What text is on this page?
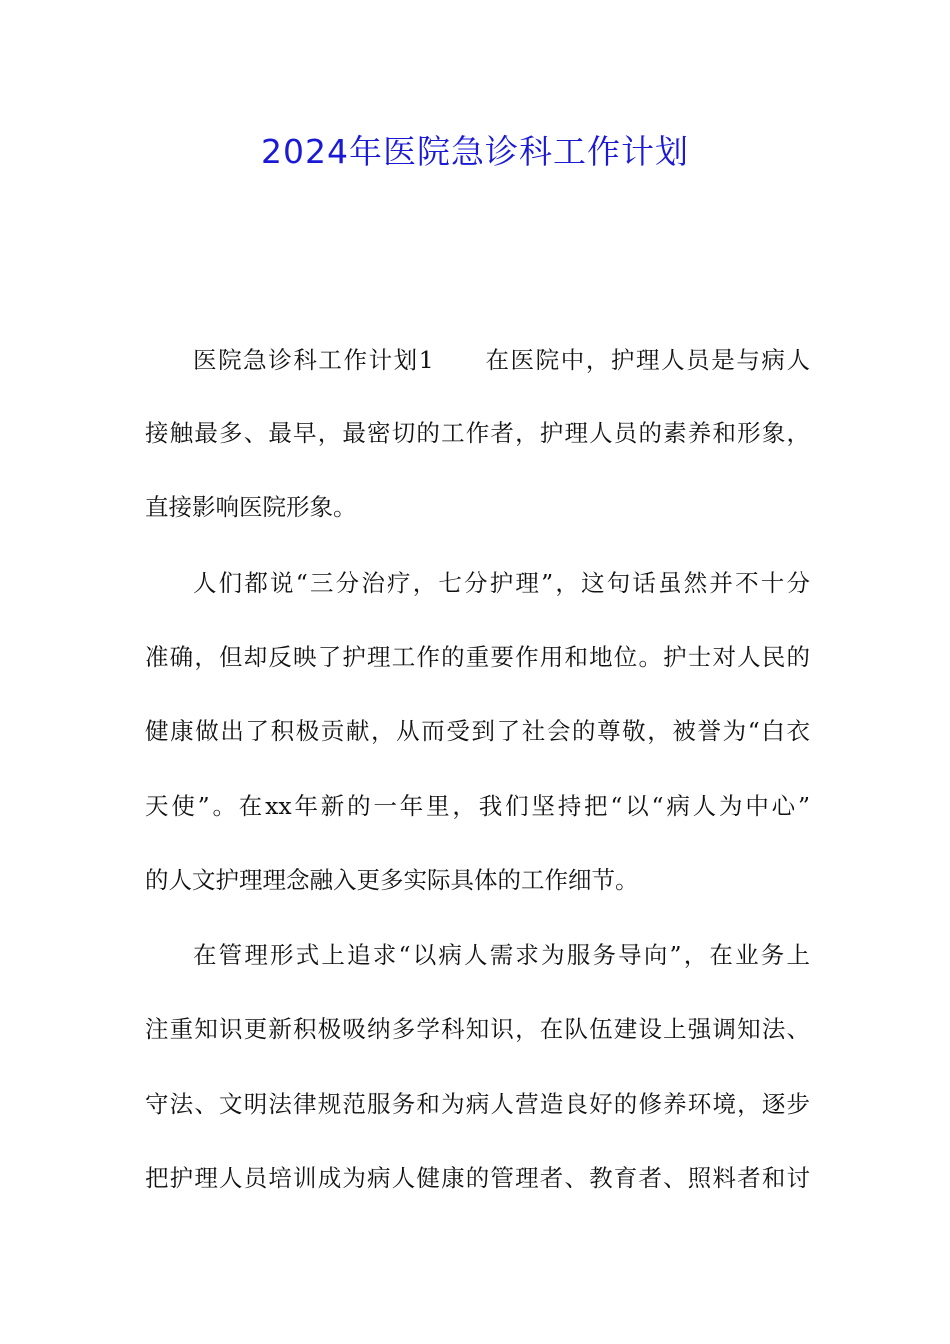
2024年医院急诊科工作计划
医院急诊科工作计划1　　在医院中，护理人员是与病人
接触最多、最早，最密切的工作者，护理人员的素养和形象，
直接影响医院形象。
人们都说“三分治疗，七分护理”，这句话虽然并不十分
准确，但却反映了护理工作的重要作用和地位。护士对人民的
健康做出了积极贡献，从而受到了社会的尊敬，被誉为“白衣
天使”。在xx年新的一年里，我们坚持把“以“病人为中心”
的人文护理理念融入更多实际具体的工作细节。
在管理形式上追求“以病人需求为服务导向”，在业务上
注重知识更新积极吸纳多学科知识，在队伍建设上强调知法、
守法、文明法律规范服务和为病人营造良好的修养环境，逐步
把护理人员培训成为病人健康的管理者、教育者、照料者和讨
